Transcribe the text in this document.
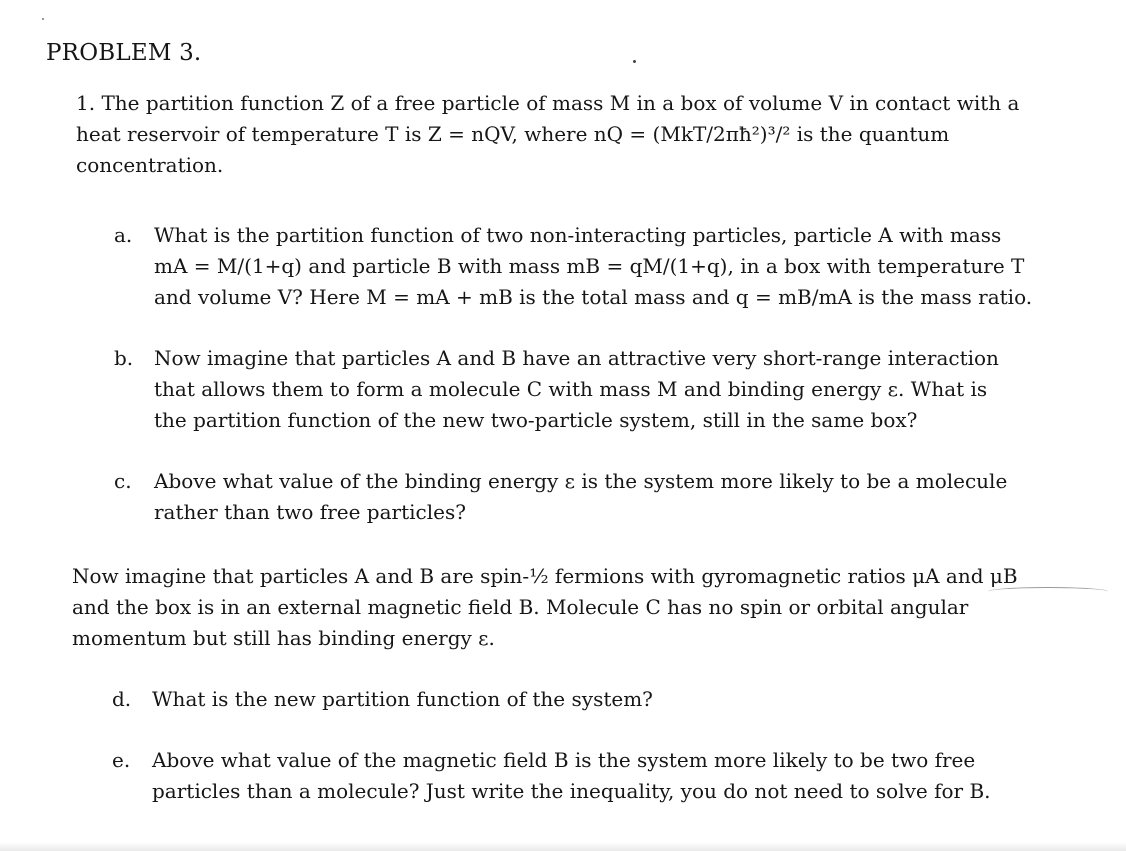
PROBLEM 3.
1. The partition function Z of a free particle of mass M in a box of volume V in contact with a
heat reservoir of temperature T is Z = nQV, where nQ = (MkT/2πħ²)³/² is the quantum
concentration.
a. What is the partition function of two non-interacting particles, particle A with mass
mA = M/(1+q) and particle B with mass mB = qM/(1+q), in a box with temperature T
and volume V? Here M = mA + mB is the total mass and q = mB/mA is the mass ratio.
b. Now imagine that particles A and B have an attractive very short-range interaction
that allows them to form a molecule C with mass M and binding energy ε. What is
the partition function of the new two-particle system, still in the same box?
c. Above what value of the binding energy ε is the system more likely to be a molecule
rather than two free particles?
Now imagine that particles A and B are spin-½ fermions with gyromagnetic ratios μA and μB
and the box is in an external magnetic field B. Molecule C has no spin or orbital angular
momentum but still has binding energy ε.
d. What is the new partition function of the system?
e. Above what value of the magnetic field B is the system more likely to be two free
particles than a molecule? Just write the inequality, you do not need to solve for B.
